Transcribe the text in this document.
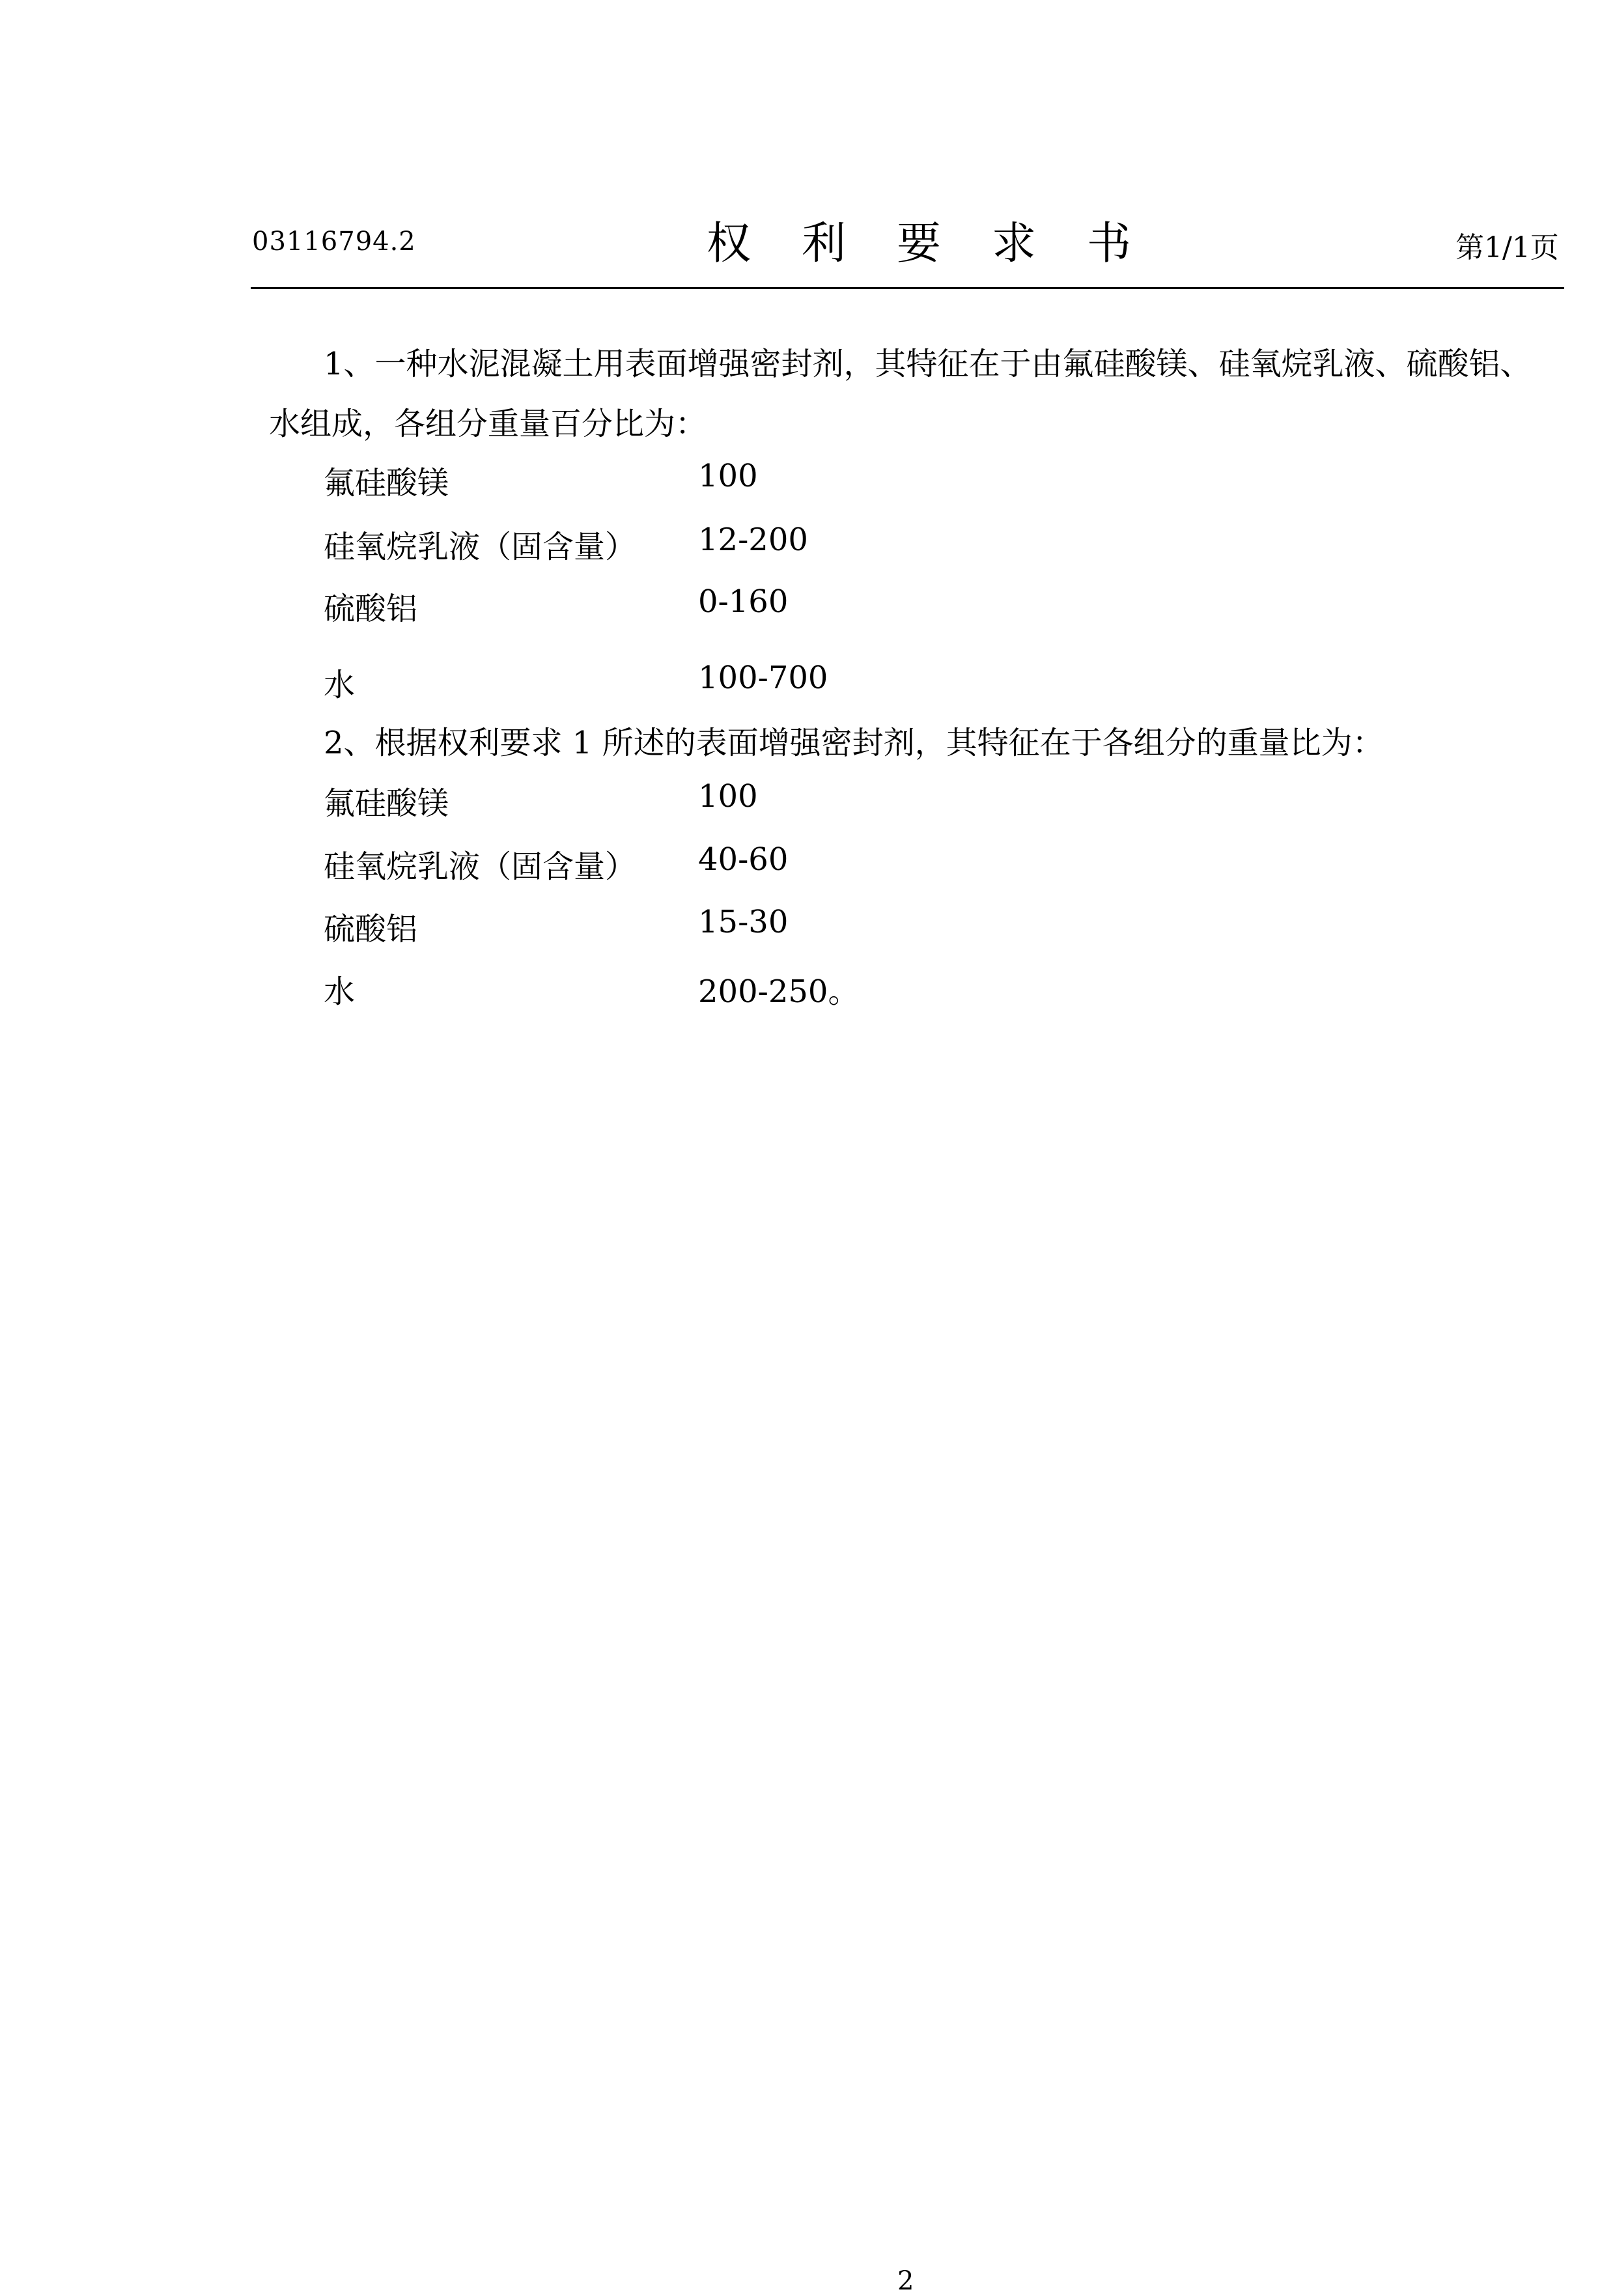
03116794.2	权利要求书	第1/1页
1、一种水泥混凝土用表面增强密封剂，其特征在于由氟硅酸镁、硅氧烷乳液、硫酸铝、
水组成，各组分重量百分比为：
氟硅酸镁	100
硅氧烷乳液（固含量） 12-200
硫酸铝	0-160
水	100-700
2、根据权利要求 1 所述的表面增强密封剂，其特征在于各组分的重量比为：
氟硅酸镁	100
硅氧烷乳液（固含量） 40-60
硫酸铝	15-30
水	200-250。
2
